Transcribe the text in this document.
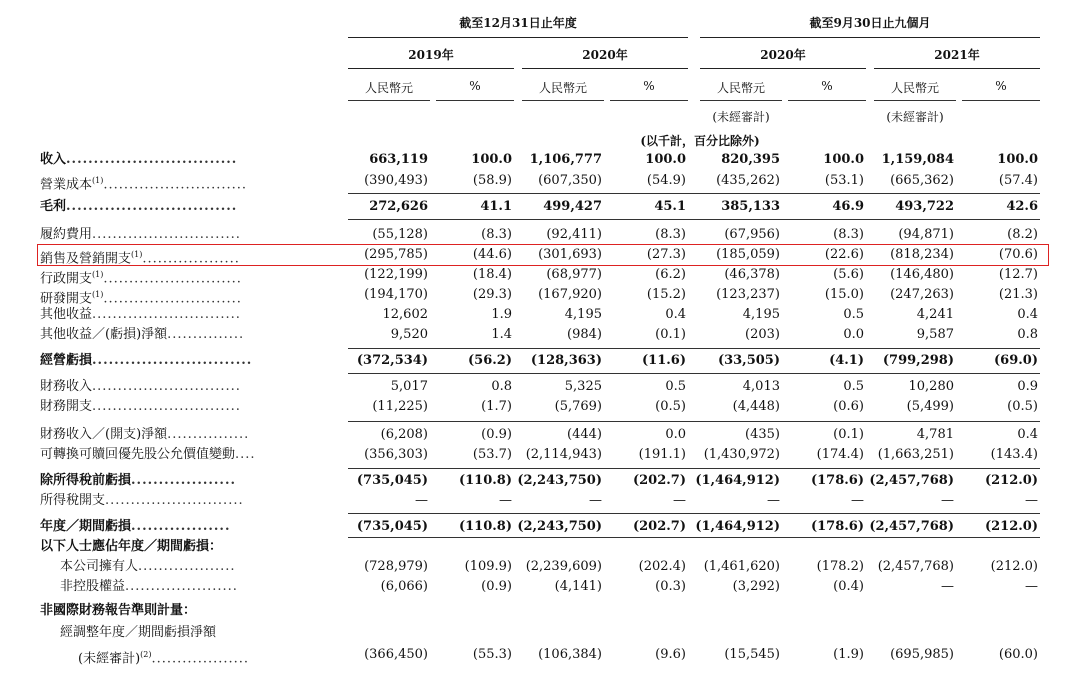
截至12月31日止年度	截至9月30日止九個月
2019年	2020年	2020年	2021年
人民幣元	%	人民幣元	%	人民幣元	%	人民幣元	%
(未經審計)	(未經審計)
(以千計，百分比除外)
收入...............................	663,119	100.0	1,106,777	100.0	820,395	100.0	1,159,084	100.0
營業成本$^{(1)}$............................	(390,493)	(58.9)	(607,350)	(54.9)	(435,262)	(53.1)	(665,362)	(57.4)
毛利...............................	272,626	41.1	499,427	45.1	385,133	46.9	493,722	42.6
履約費用.............................	(55,128)	(8.3)	(92,411)	(8.3)	(67,956)	(8.3)	(94,871)	(8.2)
銷售及營銷開支$^{(1)}$...................	(295,785)	(44.6)	(301,693)	(27.3)	(185,059)	(22.6)	(818,234)	(70.6)
行政開支$^{(1)}$...........................	(122,199)	(18.4)	(68,977)	(6.2)	(46,378)	(5.6)	(146,480)	(12.7)
研發開支$^{(1)}$...........................	(194,170)	(29.3)	(167,920)	(15.2)	(123,237)	(15.0)	(247,263)	(21.3)
其他收益.............................	12,602	1.9	4,195	0.4	4,195	0.5	4,241	0.4
其他收益／(虧損)淨額...............	9,520	1.4	(984)	(0.1)	(203)	0.0	9,587	0.8
經營虧損.............................	(372,534)	(56.2)	(128,363)	(11.6)	(33,505)	(4.1)	(799,298)	(69.0)
財務收入.............................	5,017	0.8	5,325	0.5	4,013	0.5	10,280	0.9
財務開支.............................	(11,225)	(1.7)	(5,769)	(0.5)	(4,448)	(0.6)	(5,499)	(0.5)
財務收入／(開支)淨額................	(6,208)	(0.9)	(444)	0.0	(435)	(0.1)	4,781	0.4
可轉換可贖回優先股公允價值變動....	(356,303)	(53.7)	(2,114,943)	(191.1)	(1,430,972)	(174.4)	(1,663,251)	(143.4)
除所得稅前虧損...................	(735,045)	(110.8) (2,243,750)	(202.7) (1,464,912)	(178.6) (2,457,768)	(212.0)
所得稅開支...........................	—	—	—	—	—	—	—	—
年度／期間虧損..................	(735,045)	(110.8) (2,243,750)	(202.7) (1,464,912)	(178.6) (2,457,768)	(212.0)
以下人士應佔年度／期間虧損：
本公司擁有人...................	(728,979)	(109.9)	(2,239,609)	(202.4)	(1,461,620)	(178.2)	(2,457,768)	(212.0)
非控股權益......................	(6,066)	(0.9)	(4,141)	(0.3)	(3,292)	(0.4)	—	—
非國際財務報告準則計量：
經調整年度／期間虧損淨額
(未經審計)$^{(2)}$...................	(366,450)	(55.3)	(106,384)	(9.6)	(15,545)	(1.9)	(695,985)	(60.0)
